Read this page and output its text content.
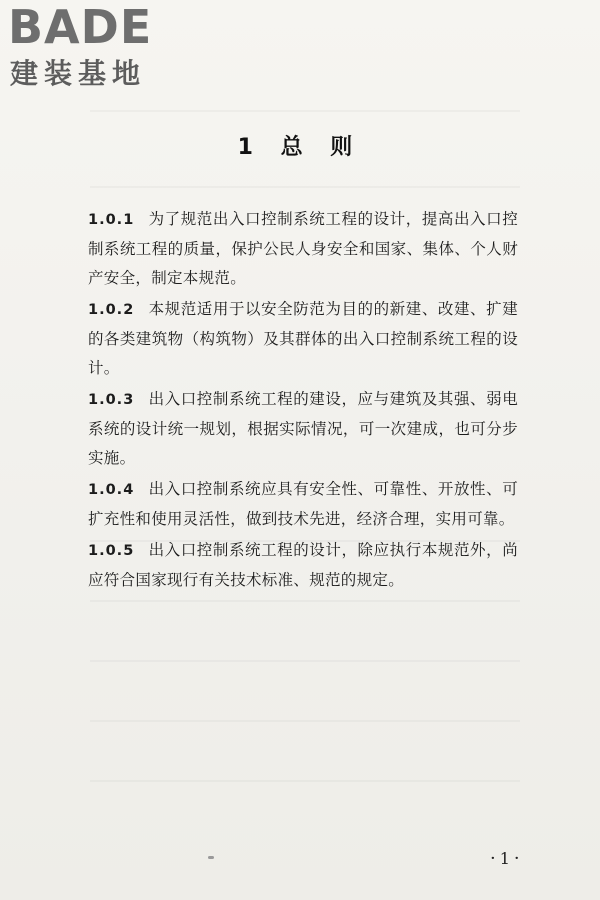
BADE
建装基地
1 总 则

1.0.1 为了规范出入口控制系统工程的设计，提高出入口控制系统工程的质量，保护公民人身安全和国家、集体、个人财产安全，制定本规范。

1.0.2 本规范适用于以安全防范为目的的新建、改建、扩建的各类建筑物（构筑物）及其群体的出入口控制系统工程的设计。

1.0.3 出入口控制系统工程的建设，应与建筑及其强、弱电系统的设计统一规划，根据实际情况，可一次建成，也可分步实施。

1.0.4 出入口控制系统应具有安全性、可靠性、开放性、可扩充性和使用灵活性，做到技术先进，经济合理，实用可靠。

1.0.5 出入口控制系统工程的设计，除应执行本规范外，尚应符合国家现行有关技术标准、规范的规定。

· 1 ·
